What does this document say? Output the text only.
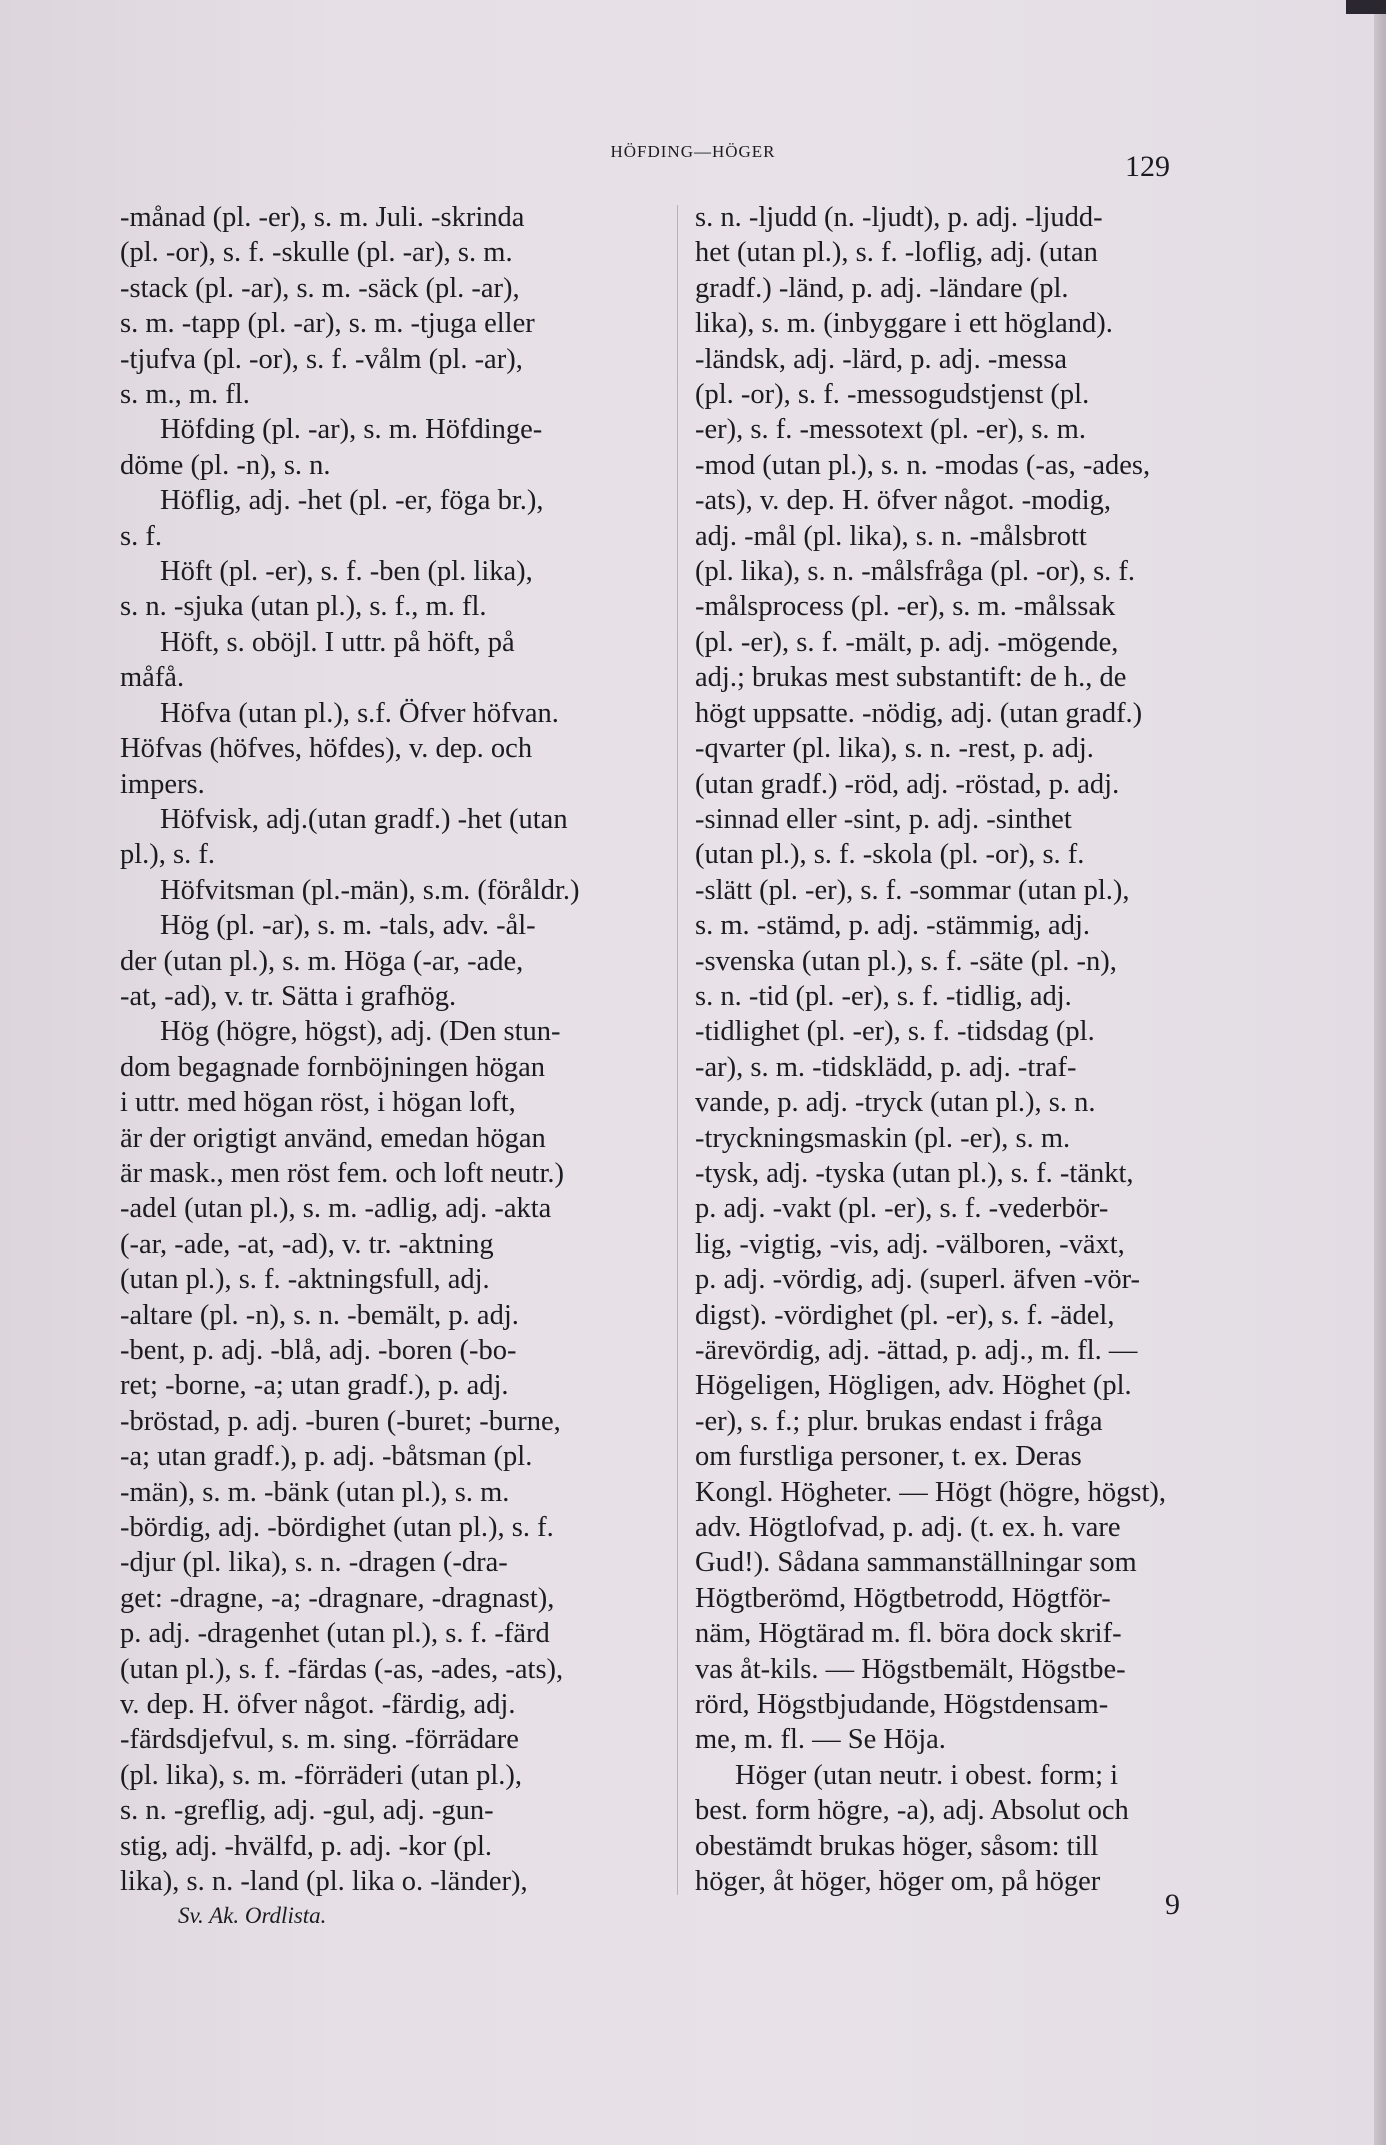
HÖFDING—HÖGER	129
-månad (pl. -er), s. m. Juli. -skrinda
(pl. -or), s. f. -skulle (pl. -ar), s. m.
-stack (pl. -ar), s. m. -säck (pl. -ar),
s. m. -tapp (pl. -ar), s. m. -tjuga eller
-tjufva (pl. -or), s. f. -vålm (pl. -ar),
s. m., m. fl.
Höfding (pl. -ar), s. m. Höfdinge-
döme (pl. -n), s. n.
Höflig, adj. -het (pl. -er, föga br.),
s. f.
Höft (pl. -er), s. f. -ben (pl. lika),
s. n. -sjuka (utan pl.), s. f., m. fl.
Höft, s. oböjl. I uttr. på höft, på
måfå.
Höfva (utan pl.), s.f. Öfver höfvan.
Höfvas (höfves, höfdes), v. dep. och
impers.
Höfvisk, adj.(utan gradf.) -het (utan
pl.), s. f.
Höfvitsman (pl.-män), s.m. (föråldr.)
Hög (pl. -ar), s. m. -tals, adv. -ål-
der (utan pl.), s. m. Höga (-ar, -ade,
-at, -ad), v. tr. Sätta i grafhög.
Hög (högre, högst), adj. (Den stun-
dom begagnade fornböjningen högan
i uttr. med högan röst, i högan loft,
är der origtigt använd, emedan högan
är mask., men röst fem. och loft neutr.)
-adel (utan pl.), s. m. -adlig, adj. -akta
(-ar, -ade, -at, -ad), v. tr. -aktning
(utan pl.), s. f. -aktningsfull, adj.
-altare (pl. -n), s. n. -bemält, p. adj.
-bent, p. adj. -blå, adj. -boren (-bo-
ret; -borne, -a; utan gradf.), p. adj.
-bröstad, p. adj. -buren (-buret; -burne,
-a; utan gradf.), p. adj. -båtsman (pl.
-män), s. m. -bänk (utan pl.), s. m.
-bördig, adj. -bördighet (utan pl.), s. f.
-djur (pl. lika), s. n. -dragen (-dra-
get: -dragne, -a; -dragnare, -dragnast),
p. adj. -dragenhet (utan pl.), s. f. -färd
(utan pl.), s. f. -färdas (-as, -ades, -ats),
v. dep. H. öfver något. -färdig, adj.
-färdsdjefvul, s. m. sing. -förrädare
(pl. lika), s. m. -förräderi (utan pl.),
s. n. -greflig, adj. -gul, adj. -gun-
stig, adj. -hvälfd, p. adj. -kor (pl.
lika), s. n. -land (pl. lika o. -länder),
s. n. -ljudd (n. -ljudt), p. adj. -ljudd-
het (utan pl.), s. f. -loflig, adj. (utan
gradf.) -länd, p. adj. -ländare (pl.
lika), s. m. (inbyggare i ett högland).
-ländsk, adj. -lärd, p. adj. -messa
(pl. -or), s. f. -messogudstjenst (pl.
-er), s. f. -messotext (pl. -er), s. m.
-mod (utan pl.), s. n. -modas (-as, -ades,
-ats), v. dep. H. öfver något. -modig,
adj. -mål (pl. lika), s. n. -målsbrott
(pl. lika), s. n. -målsfråga (pl. -or), s. f.
-målsprocess (pl. -er), s. m. -målssak
(pl. -er), s. f. -mält, p. adj. -mögende,
adj.; brukas mest substantift: de h., de
högt uppsatte. -nödig, adj. (utan gradf.)
-qvarter (pl. lika), s. n. -rest, p. adj.
(utan gradf.) -röd, adj. -röstad, p. adj.
-sinnad eller -sint, p. adj. -sinthet
(utan pl.), s. f. -skola (pl. -or), s. f.
-slätt (pl. -er), s. f. -sommar (utan pl.),
s. m. -stämd, p. adj. -stämmig, adj.
-svenska (utan pl.), s. f. -säte (pl. -n),
s. n. -tid (pl. -er), s. f. -tidlig, adj.
-tidlighet (pl. -er), s. f. -tidsdag (pl.
-ar), s. m. -tidsklädd, p. adj. -traf-
vande, p. adj. -tryck (utan pl.), s. n.
-tryckningsmaskin (pl. -er), s. m.
-tysk, adj. -tyska (utan pl.), s. f. -tänkt,
p. adj. -vakt (pl. -er), s. f. -vederbör-
lig, -vigtig, -vis, adj. -välboren, -växt,
p. adj. -vördig, adj. (superl. äfven -vör-
digst). -vördighet (pl. -er), s. f. -ädel,
-ärevördig, adj. -ättad, p. adj., m. fl. —
Högeligen, Högligen, adv. Höghet (pl.
-er), s. f.; plur. brukas endast i fråga
om furstliga personer, t. ex. Deras
Kongl. Högheter. — Högt (högre, högst),
adv. Högtlofvad, p. adj. (t. ex. h. vare
Gud!). Sådana sammanställningar som
Högtberömd, Högtbetrodd, Högtför-
näm, Högtärad m. fl. böra dock skrif-
vas åt-kils. — Högstbemält, Högstbe-
rörd, Högstbjudande, Högstdensam-
me, m. fl. — Se Höja.
Höger (utan neutr. i obest. form; i
best. form högre, -a), adj. Absolut och
obestämdt brukas höger, såsom: till
höger, åt höger, höger om, på höger
Sv. Ak. Ordlista.	9
